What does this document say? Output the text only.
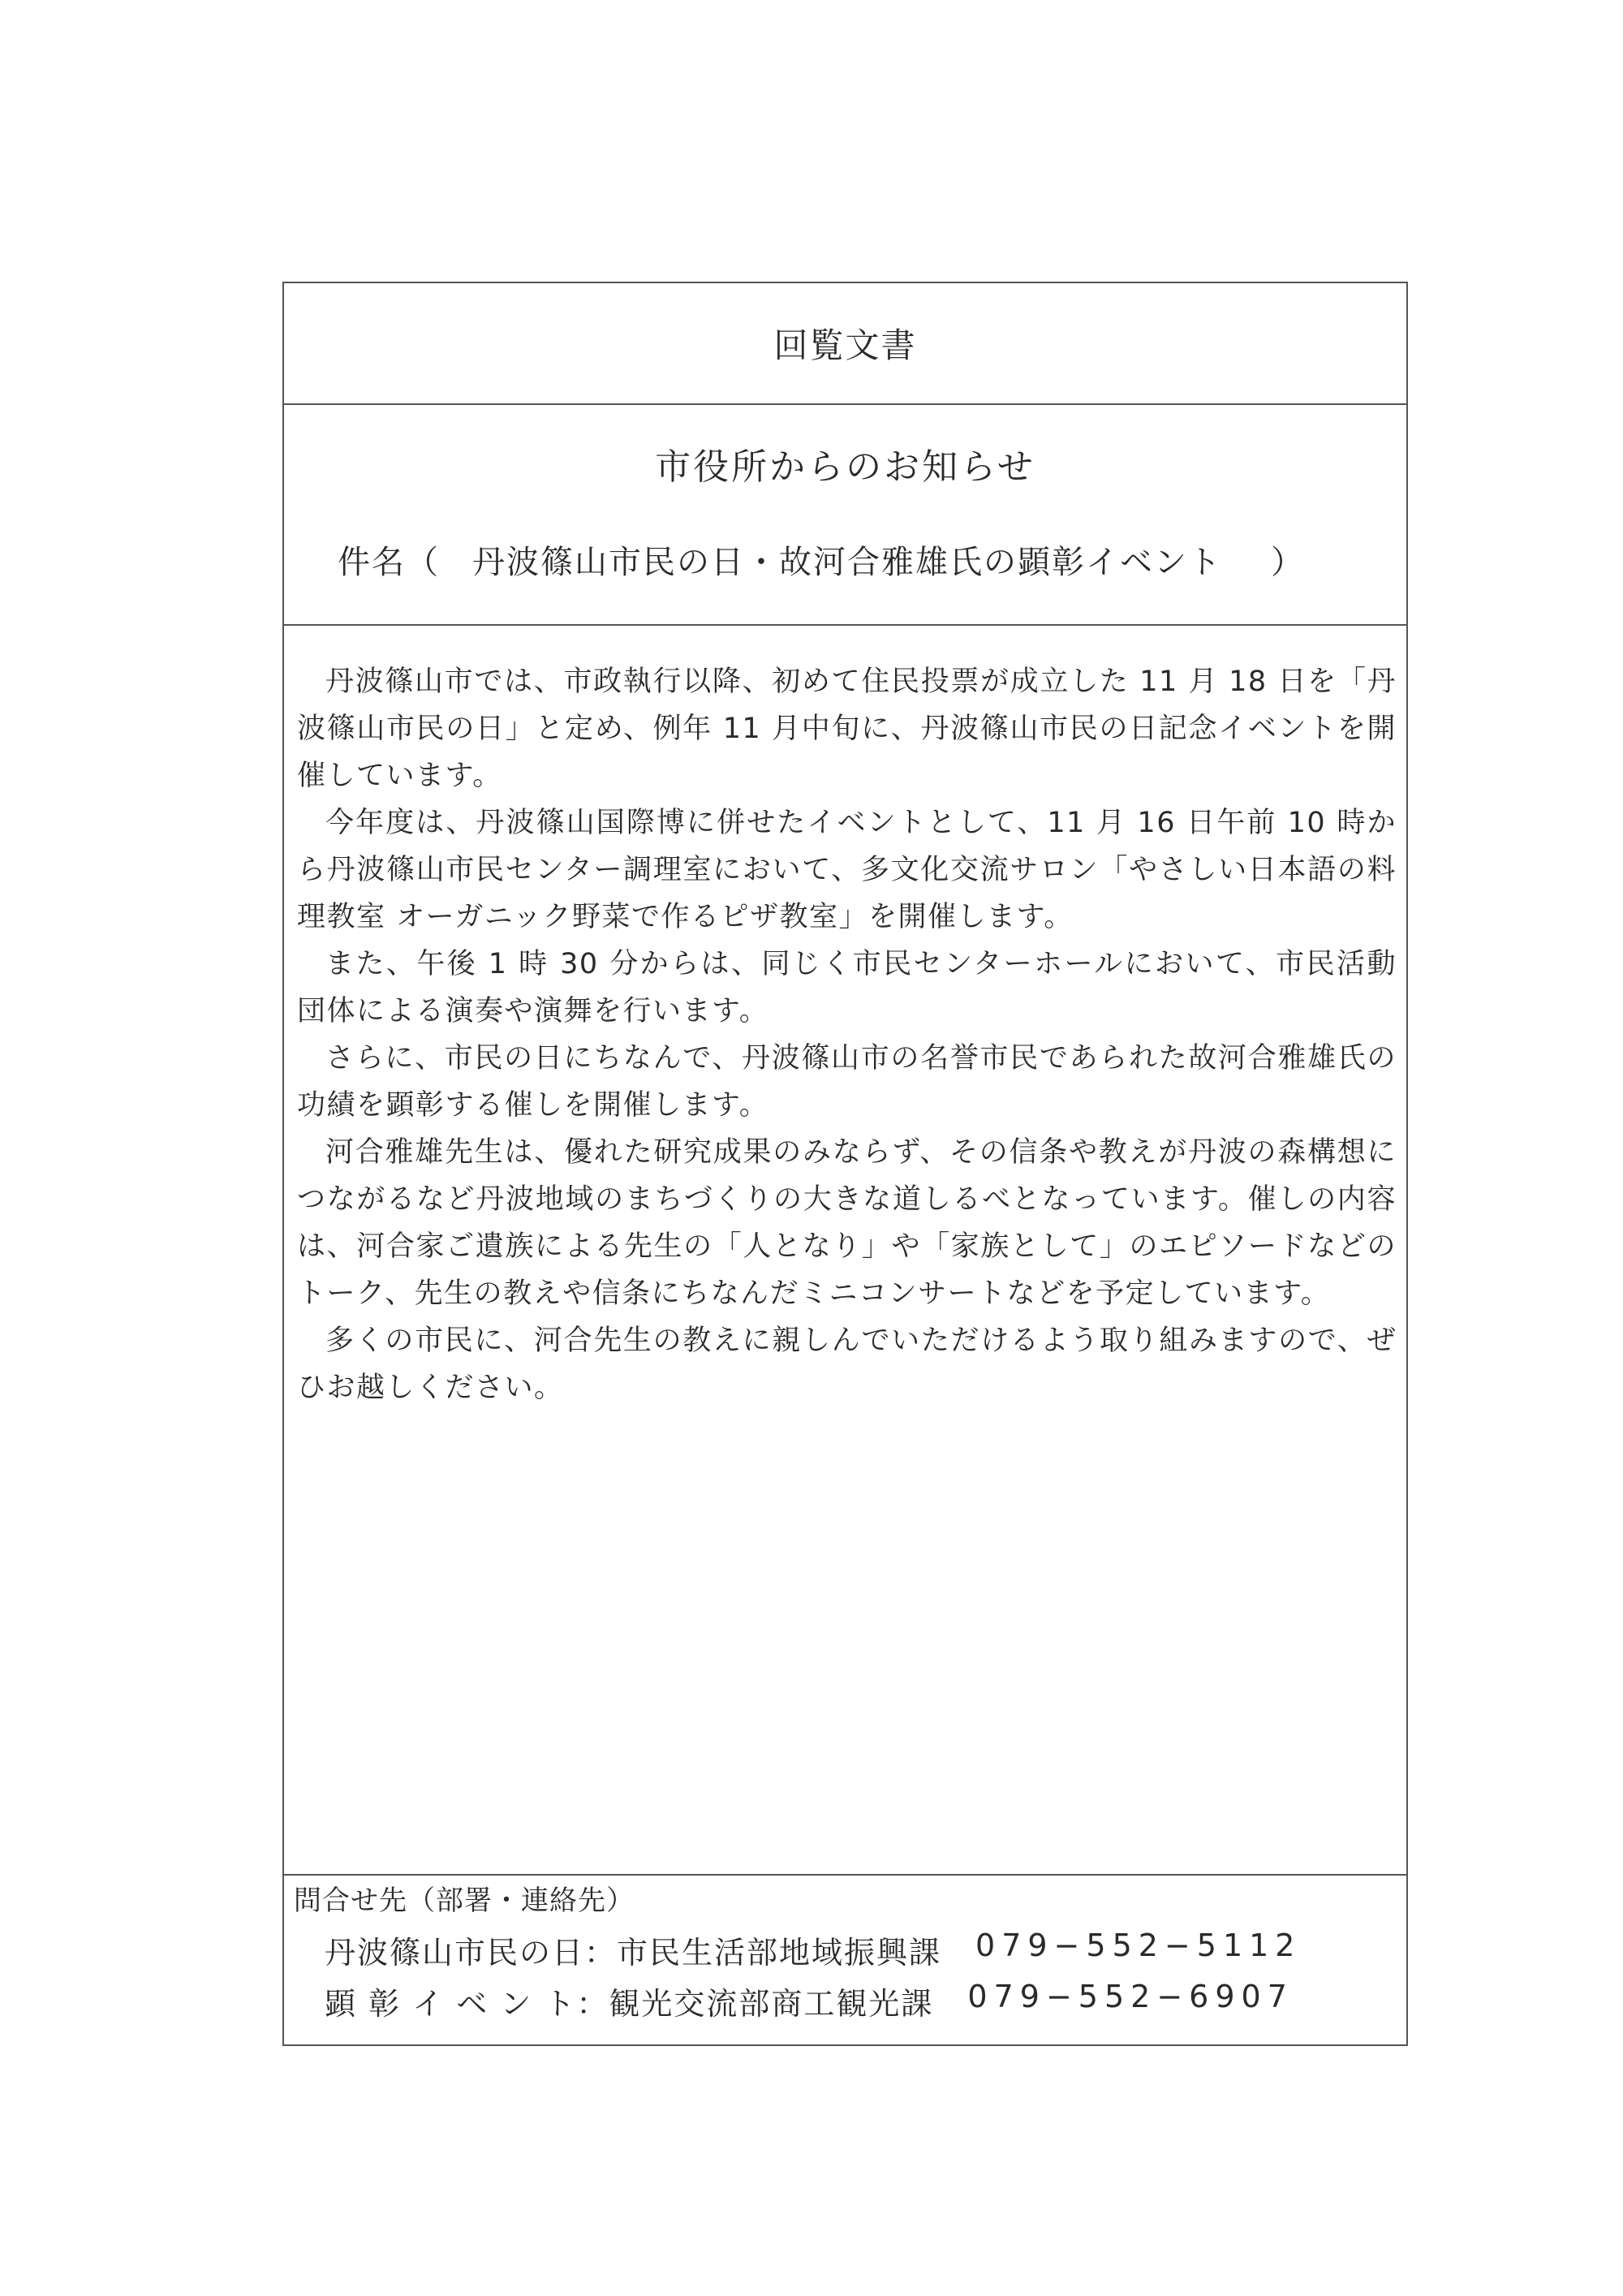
回覧文書
市役所からのお知らせ
件名（ 丹波篠山市民の日・故河合雅雄氏の顕彰イベント ）

丹波篠山市では、市政執行以降、初めて住民投票が成立した 11 月 18 日を「丹波篠山市民の日」と定め、例年 11 月中旬に、丹波篠山市民の日記念イベントを開催しています。

今年度は、丹波篠山国際博に併せたイベントとして、11 月 16 日午前 10 時から丹波篠山市民センター調理室において、多文化交流サロン「やさしい日本語の料理教室 オーガニック野菜で作るピザ教室」を開催します。

また、午後 1 時 30 分からは、同じく市民センターホールにおいて、市民活動団体による演奏や演舞を行います。

さらに、市民の日にちなんで、丹波篠山市の名誉市民であられた故河合雅雄氏の功績を顕彰する催しを開催します。

河合雅雄先生は、優れた研究成果のみならず、その信条や教えが丹波の森構想につながるなど丹波地域のまちづくりの大きな道しるべとなっています。催しの内容は、河合家ご遺族による先生の「人となり」や「家族として」のエピソードなどのトーク、先生の教えや信条にちなんだミニコンサートなどを予定しています。

多くの市民に、河合先生の教えに親しんでいただけるよう取り組みますので、ぜひお越しください。

問合せ先（部署・連絡先）
丹波篠山市民の日： 市民生活部地域振興課 079−552−5112
顕 彰 イ ベ ン ト： 観光交流部商工観光課 079−552−6907
